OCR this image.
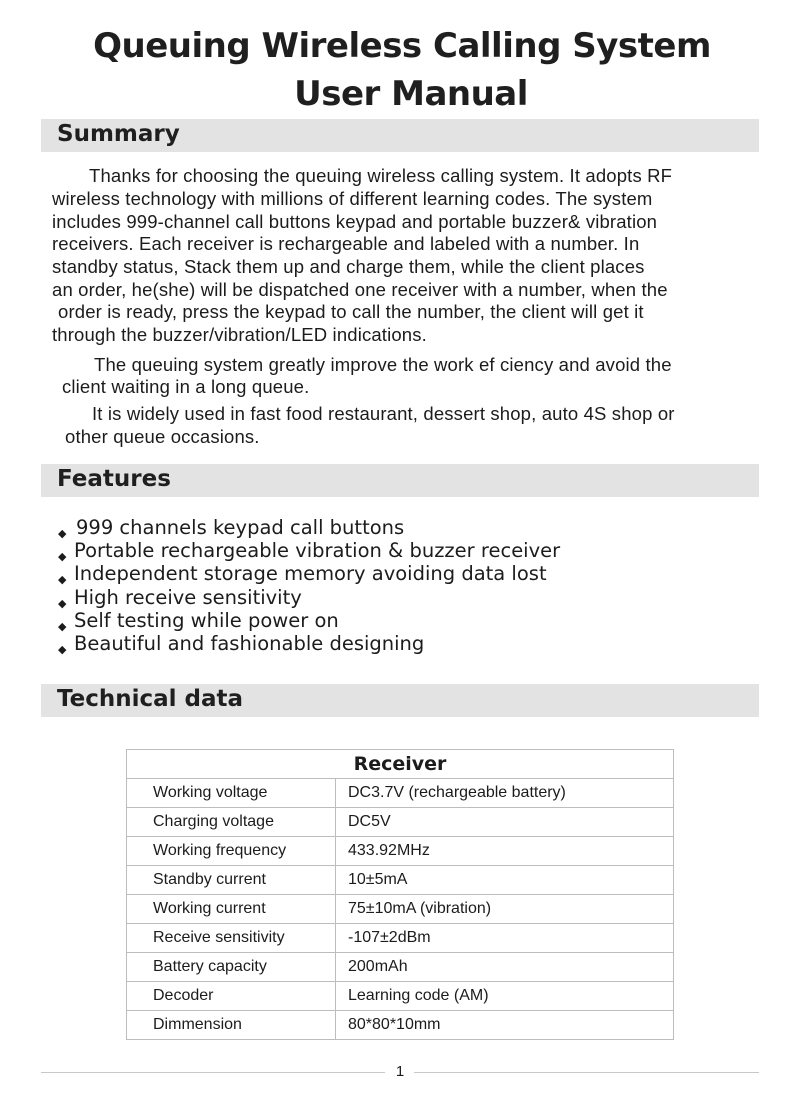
Queuing Wireless Calling System
User Manual
Summary

Thanks for choosing the queuing wireless calling system. It adopts RF

wireless technology with millions of different learning codes. The system

includes 999-channel call buttons keypad and portable buzzer& vibration

receivers. Each receiver is rechargeable and labeled with a number. In

standby status, Stack them up and charge them, while the client places

an order, he(she) will be dispatched one receiver with a number, when the

order is ready, press the keypad to call the number, the client will get it

through the buzzer/vibration/LED indications.

The queuing system greatly improve the work ef ciency and avoid the

client waiting in a long queue.

It is widely used in fast food restaurant, dessert shop, auto 4S shop or

other queue occasions.

Features
◆ 999 channels keypad call buttons
◆ Portable rechargeable vibration & buzzer receiver
◆ Independent storage memory avoiding data lost
◆ High receive sensitivity
◆ Self testing while power on
◆ Beautiful and fashionable designing
Technical data
Receiver	
Working voltage	DC3.7V (rechargeable battery)
Charging voltage	DC5V
Working frequency	433.92MHz
Standby current	10±5mA
Working current	75±10mA (vibration)
Receive sensitivity	-107±2dBm
Battery capacity	200mAh
Decoder	Learning code (AM)
Dimmension	80*80*10mm
1
